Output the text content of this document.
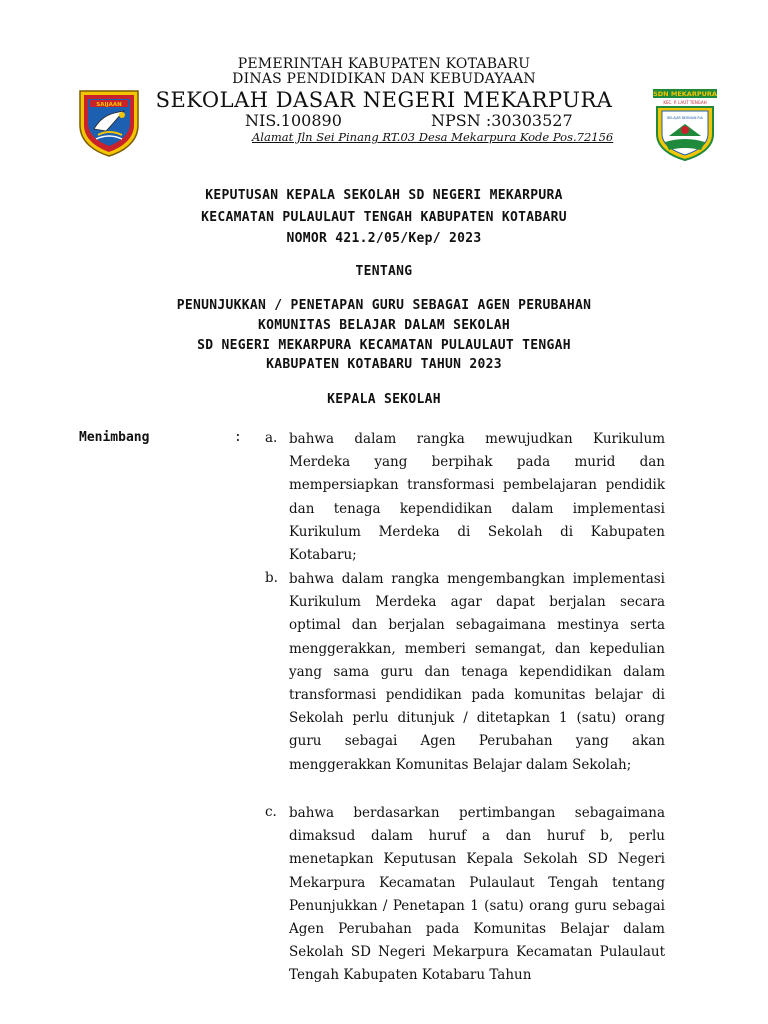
SAIJAAN
PEMERINTAH KABUPATEN KOTABARU
DINAS PENDIDIKAN DAN KEBUDAYAAN
SEKOLAH DASAR NEGERI MEKARPURA
NIS.100890	NPSN :30303527
Alamat Jln Sei Pinang RT.03 Desa Mekarpura Kode Pos.72156
SDN MEKARPURA
KEC. P. LAUT TENGAH
BELAJAR BERMAIN RIA
KEPUTUSAN KEPALA SEKOLAH SD NEGERI MEKARPURA
KECAMATAN PULAULAUT TENGAH KABUPATEN KOTABARU
NOMOR 421.2/05/Kep/ 2023
TENTANG
PENUNJUKKAN / PENETAPAN GURU SEBAGAI AGEN PERUBAHAN
KOMUNITAS BELAJAR DALAM SEKOLAH
SD NEGERI MEKARPURA KECAMATAN PULAULAUT TENGAH
KABUPATEN KOTABARU TAHUN 2023
KEPALA SEKOLAH
Menimbang	: a. bahwa dalam rangka mewujudkan Kurikulum Merdeka yang berpihak pada murid dan mempersiapkan transformasi pembelajaran pendidik dan tenaga kependidikan dalam implementasi Kurikulum Merdeka di Sekolah di Kabupaten Kotabaru;
b. bahwa dalam rangka mengembangkan implementasi Kurikulum Merdeka agar dapat berjalan secara optimal dan berjalan sebagaimana mestinya serta menggerakkan, memberi semangat, dan kepedulian yang sama guru dan tenaga kependidikan dalam transformasi pendidikan pada komunitas belajar di Sekolah perlu ditunjuk / ditetapkan 1 (satu) orang guru sebagai Agen Perubahan yang akan menggerakkan Komunitas Belajar dalam Sekolah;
c. bahwa berdasarkan pertimbangan sebagaimana dimaksud dalam huruf a dan huruf b, perlu menetapkan Keputusan Kepala Sekolah SD Negeri Mekarpura Kecamatan Pulaulaut Tengah tentang Penunjukkan / Penetapan 1 (satu) orang guru sebagai Agen Perubahan pada Komunitas Belajar dalam Sekolah SD Negeri Mekarpura Kecamatan Pulaulaut Tengah Kabupaten Kotabaru Tahun
